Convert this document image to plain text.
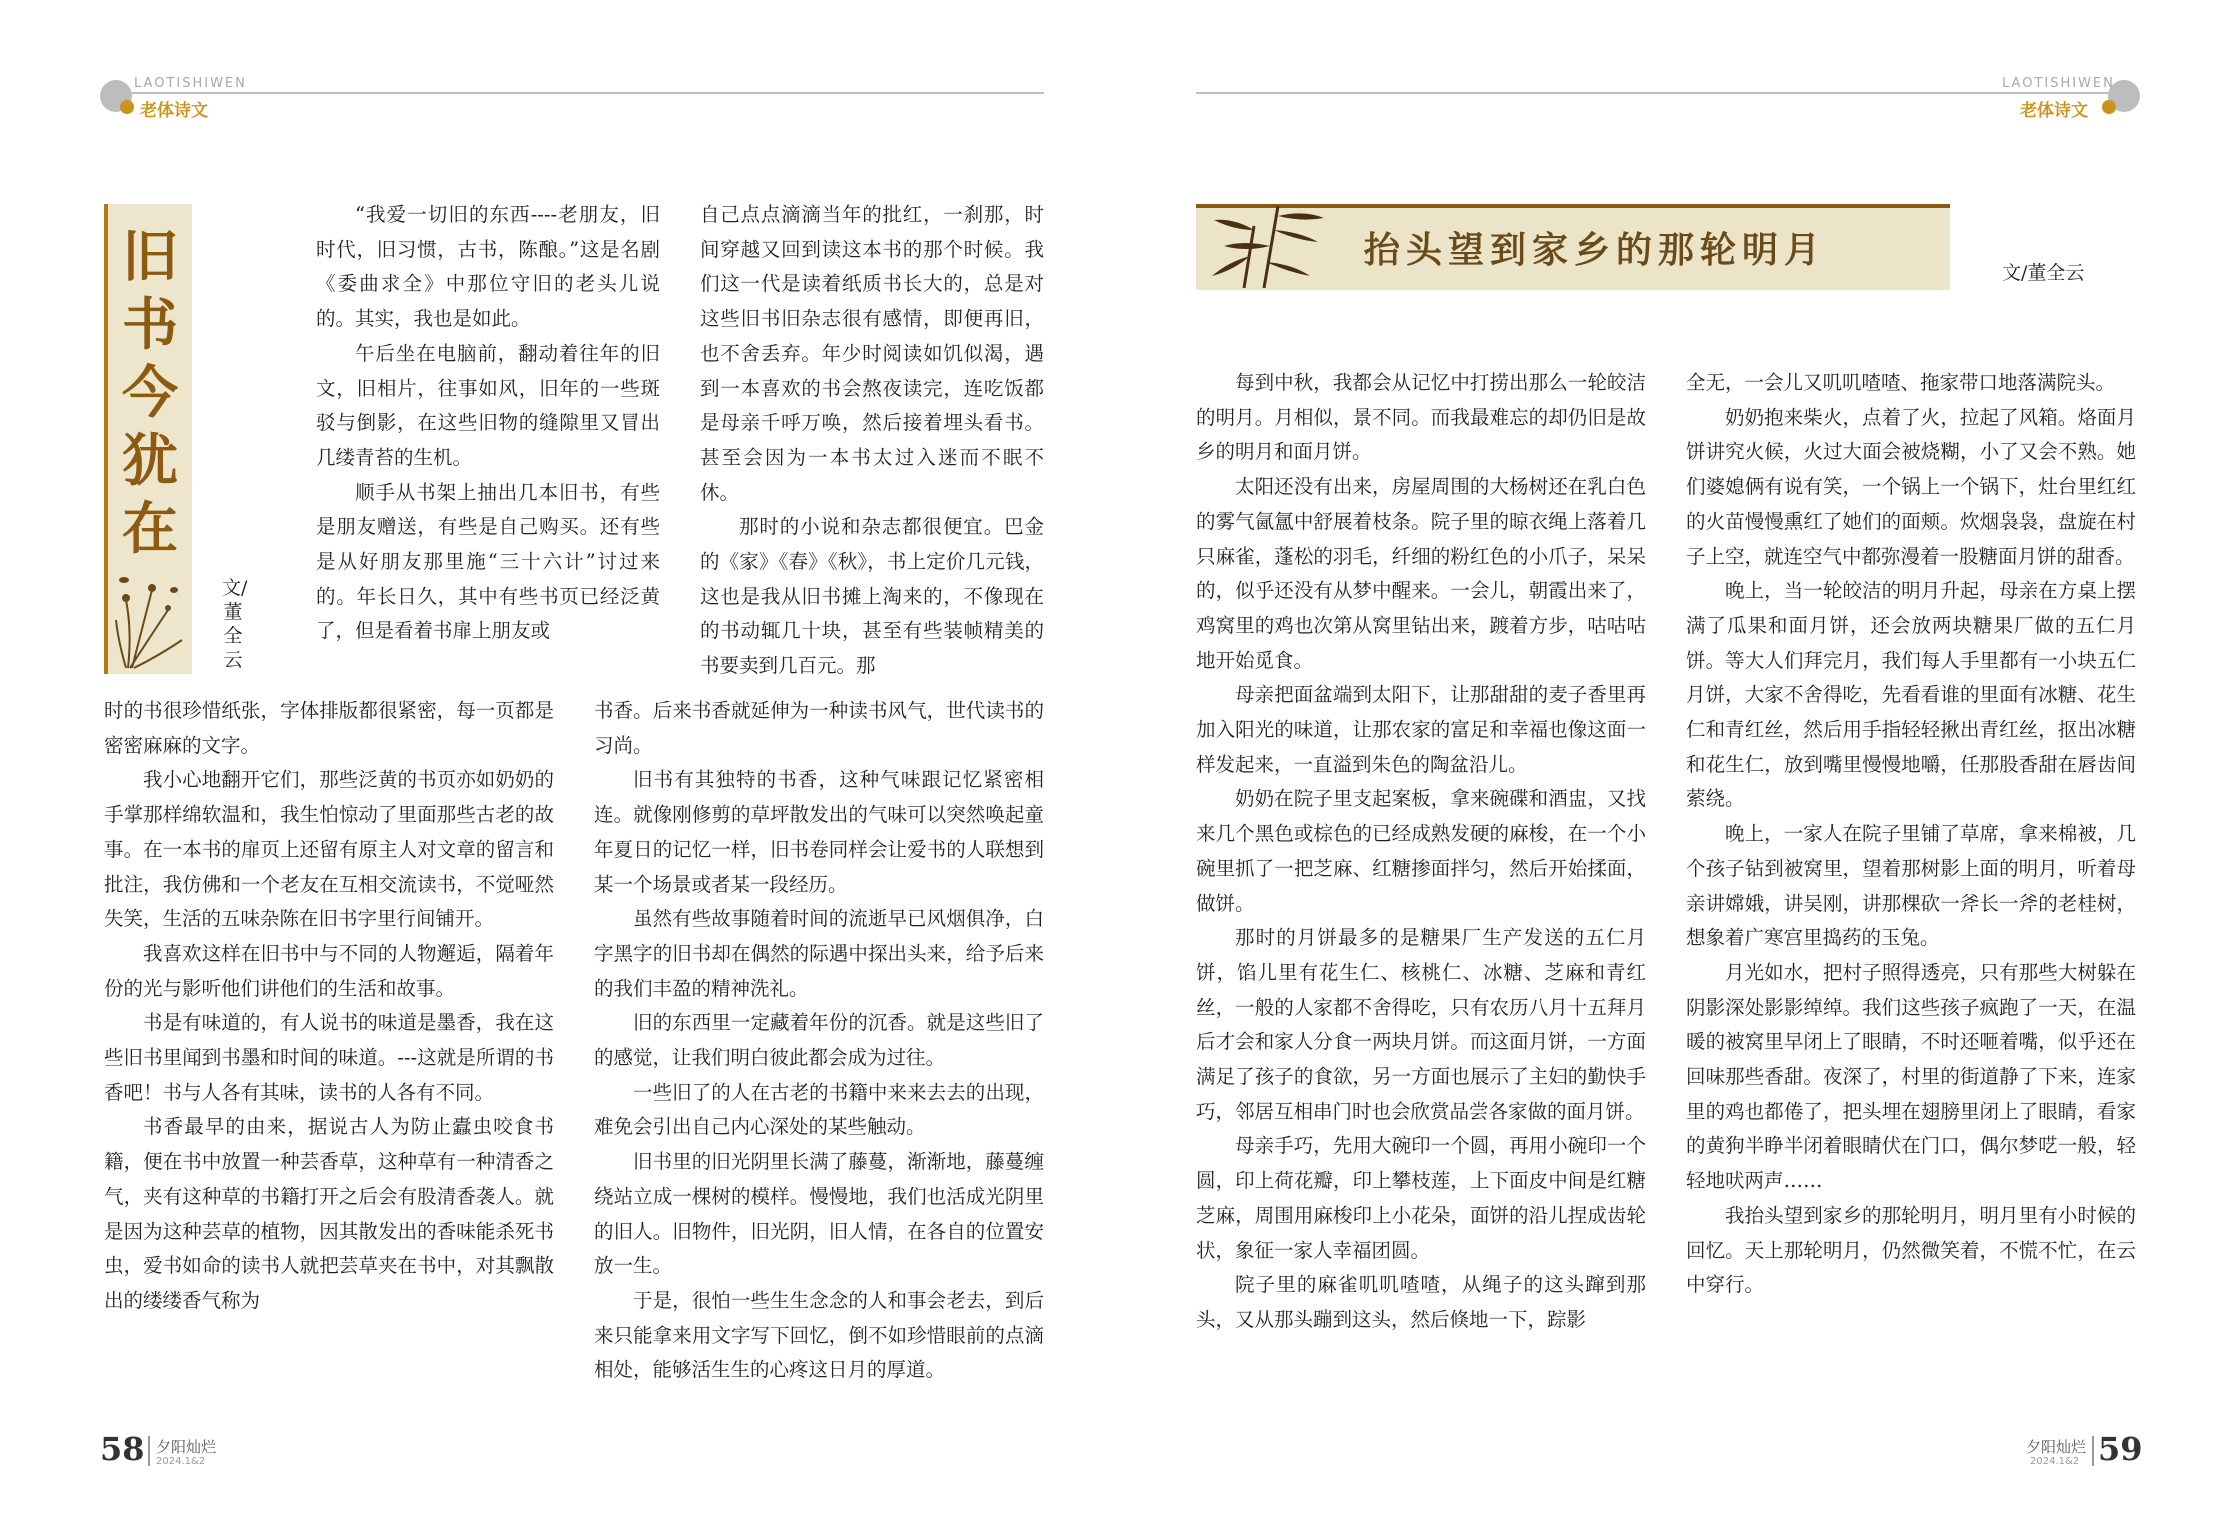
LAOTISHIWEN
老体诗文
LAOTISHIWEN
老体诗文
旧
书
今
犹
在
文/董全云

“我爱一切旧的东西----老朋友，旧时代，旧习惯，古书，陈酿。”这是名剧《委曲求全》中那位守旧的老头儿说的。其实，我也是如此。

午后坐在电脑前，翻动着往年的旧文，旧相片，往事如风，旧年的一些斑驳与倒影，在这些旧物的缝隙里又冒出几缕青苔的生机。

顺手从书架上抽出几本旧书，有些是朋友赠送，有些是自己购买。还有些是从好朋友那里施“三十六计”讨过来的。年长日久，其中有些书页已经泛黄了，但是看着书扉上朋友或

自己点点滴滴当年的批红，一刹那，时间穿越又回到读这本书的那个时候。我们这一代是读着纸质书长大的，总是对这些旧书旧杂志很有感情，即便再旧，也不舍丢弃。年少时阅读如饥似渴，遇到一本喜欢的书会熬夜读完，连吃饭都是母亲千呼万唤，然后接着埋头看书。甚至会因为一本书太过入迷而不眠不休。

那时的小说和杂志都很便宜。巴金的《家》《春》《秋》，书上定价几元钱，这也是我从旧书摊上淘来的，不像现在的书动辄几十块，甚至有些装帧精美的书要卖到几百元。那

时的书很珍惜纸张，字体排版都很紧密，每一页都是密密麻麻的文字。

我小心地翻开它们，那些泛黄的书页亦如奶奶的手掌那样绵软温和，我生怕惊动了里面那些古老的故事。在一本书的扉页上还留有原主人对文章的留言和批注，我仿佛和一个老友在互相交流读书，不觉哑然失笑，生活的五味杂陈在旧书字里行间铺开。

我喜欢这样在旧书中与不同的人物邂逅，隔着年份的光与影听他们讲他们的生活和故事。

书是有味道的，有人说书的味道是墨香，我在这些旧书里闻到书墨和时间的味道。---这就是所谓的书香吧！书与人各有其味，读书的人各有不同。

书香最早的由来，据说古人为防止蠹虫咬食书籍，便在书中放置一种芸香草，这种草有一种清香之气，夹有这种草的书籍打开之后会有股清香袭人。就是因为这种芸草的植物，因其散发出的香味能杀死书虫，爱书如命的读书人就把芸草夹在书中，对其飘散出的缕缕香气称为

书香。后来书香就延伸为一种读书风气，世代读书的习尚。

旧书有其独特的书香，这种气味跟记忆紧密相连。就像刚修剪的草坪散发出的气味可以突然唤起童年夏日的记忆一样，旧书卷同样会让爱书的人联想到某一个场景或者某一段经历。

虽然有些故事随着时间的流逝早已风烟俱净，白字黑字的旧书却在偶然的际遇中探出头来，给予后来的我们丰盈的精神洗礼。

旧的东西里一定藏着年份的沉香。就是这些旧了的感觉，让我们明白彼此都会成为过往。

一些旧了的人在古老的书籍中来来去去的出现，难免会引出自己内心深处的某些触动。

旧书里的旧光阴里长满了藤蔓，渐渐地，藤蔓缠绕站立成一棵树的模样。慢慢地，我们也活成光阴里的旧人。旧物件，旧光阴，旧人情，在各自的位置安放一生。

于是，很怕一些生生念念的人和事会老去，到后来只能拿来用文字写下回忆，倒不如珍惜眼前的点滴相处，能够活生生的心疼这日月的厚道。

抬头望到家乡的那轮明月
文/董全云

每到中秋，我都会从记忆中打捞出那么一轮皎洁的明月。月相似，景不同。而我最难忘的却仍旧是故乡的明月和面月饼。

太阳还没有出来，房屋周围的大杨树还在乳白色的雾气氤氲中舒展着枝条。院子里的晾衣绳上落着几只麻雀，蓬松的羽毛，纤细的粉红色的小爪子，呆呆的，似乎还没有从梦中醒来。一会儿，朝霞出来了，鸡窝里的鸡也次第从窝里钻出来，踱着方步，咕咕咕地开始觅食。

母亲把面盆端到太阳下，让那甜甜的麦子香里再加入阳光的味道，让那农家的富足和幸福也像这面一样发起来，一直溢到朱色的陶盆沿儿。

奶奶在院子里支起案板，拿来碗碟和酒盅，又找来几个黑色或棕色的已经成熟发硬的麻梭，在一个小碗里抓了一把芝麻、红糖掺面拌匀，然后开始揉面，做饼。

那时的月饼最多的是糖果厂生产发送的五仁月饼，馅儿里有花生仁、核桃仁、冰糖、芝麻和青红丝，一般的人家都不舍得吃，只有农历八月十五拜月后才会和家人分食一两块月饼。而这面月饼，一方面满足了孩子的食欲，另一方面也展示了主妇的勤快手巧，邻居互相串门时也会欣赏品尝各家做的面月饼。

母亲手巧，先用大碗印一个圆，再用小碗印一个圆，印上荷花瓣，印上攀枝莲，上下面皮中间是红糖芝麻，周围用麻梭印上小花朵，面饼的沿儿捏成齿轮状，象征一家人幸福团圆。

院子里的麻雀叽叽喳喳，从绳子的这头蹿到那头，又从那头蹦到这头，然后倏地一下，踪影

全无，一会儿又叽叽喳喳、拖家带口地落满院头。

奶奶抱来柴火，点着了火，拉起了风箱。烙面月饼讲究火候，火过大面会被烧糊，小了又会不熟。她们婆媳俩有说有笑，一个锅上一个锅下，灶台里红红的火苗慢慢熏红了她们的面颊。炊烟袅袅，盘旋在村子上空，就连空气中都弥漫着一股糖面月饼的甜香。

晚上，当一轮皎洁的明月升起，母亲在方桌上摆满了瓜果和面月饼，还会放两块糖果厂做的五仁月饼。等大人们拜完月，我们每人手里都有一小块五仁月饼，大家不舍得吃，先看看谁的里面有冰糖、花生仁和青红丝，然后用手指轻轻揪出青红丝，抠出冰糖和花生仁，放到嘴里慢慢地嚼，任那股香甜在唇齿间萦绕。

晚上，一家人在院子里铺了草席，拿来棉被，几个孩子钻到被窝里，望着那树影上面的明月，听着母亲讲嫦娥，讲吴刚，讲那棵砍一斧长一斧的老桂树，想象着广寒宫里捣药的玉兔。

月光如水，把村子照得透亮，只有那些大树躲在阴影深处影影绰绰。我们这些孩子疯跑了一天，在温暖的被窝里早闭上了眼睛，不时还咂着嘴，似乎还在回味那些香甜。夜深了，村里的街道静了下来，连家里的鸡也都倦了，把头埋在翅膀里闭上了眼睛，看家的黄狗半睁半闭着眼睛伏在门口，偶尔梦呓一般，轻轻地吠两声……

我抬头望到家乡的那轮明月，明月里有小时候的回忆。天上那轮明月，仍然微笑着，不慌不忙，在云中穿行。

58 夕阳灿烂
2024.1&2
夕阳灿烂
2024.1&2 59
